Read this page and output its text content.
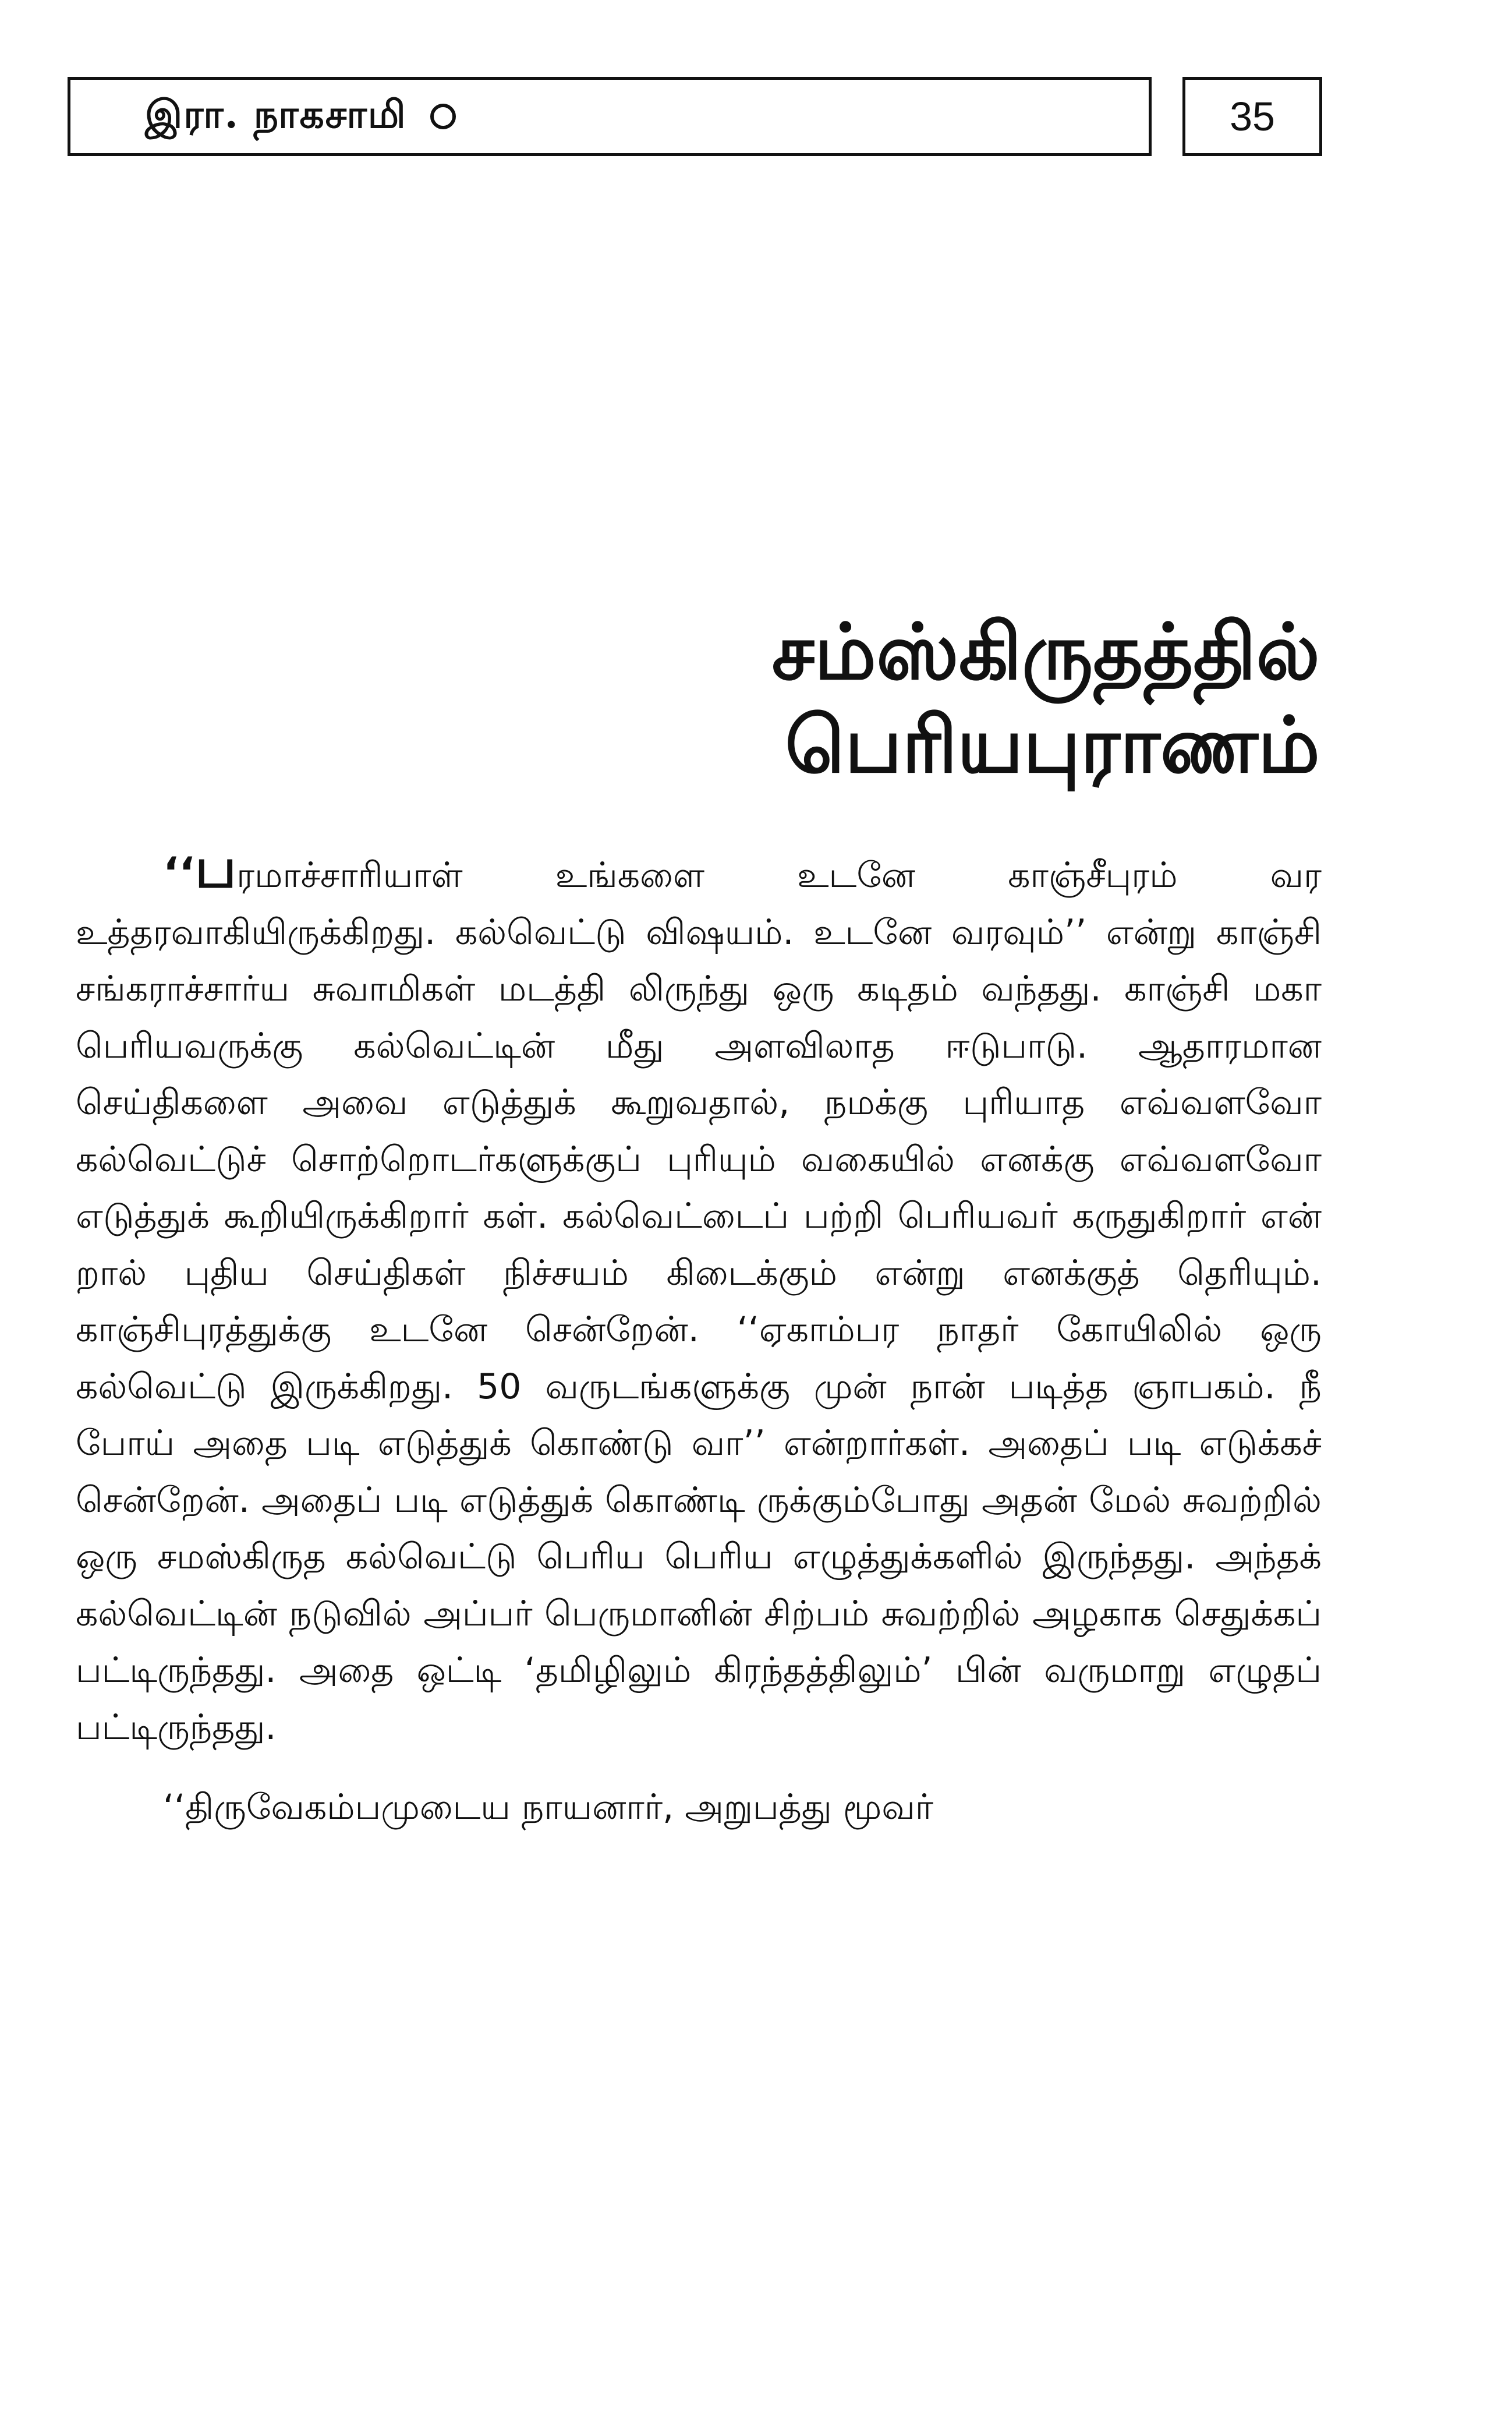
இரா. நாகசாமி	35
சம்ஸ்கிருதத்தில்
பெரியபுராணம்

‘‘பரமாச்சாரியாள் உங்களை உடனே காஞ்சீபுரம் வர உத்தரவாகியிருக்கிறது. கல்வெட்டு விஷயம். உடனே வரவும்’’ என்று காஞ்சி சங்கராச்சார்ய சுவாமிகள் மடத்தி லிருந்து ஒரு கடிதம் வந்தது. காஞ்சி மகா பெரியவருக்கு கல்வெட்டின் மீது அளவிலாத ஈடுபாடு. ஆதாரமான செய்திகளை அவை எடுத்துக் கூறுவதால், நமக்கு புரியாத எவ்வளவோ கல்வெட்டுச் சொற்றொடர்களுக்குப் புரியும் வகையில் எனக்கு எவ்வளவோ எடுத்துக் கூறியிருக்கிறார் கள். கல்வெட்டைப் பற்றி பெரியவர் கருதுகிறார் என் றால் புதிய செய்திகள் நிச்சயம் கிடைக்கும் என்று எனக்குத் தெரியும். காஞ்சிபுரத்துக்கு உடனே சென்றேன். ‘‘ஏகாம்பர நாதர் கோயிலில் ஒரு கல்வெட்டு இருக்கிறது. 50 வருடங்களுக்கு முன் நான் படித்த ஞாபகம். நீ போய் அதை படி எடுத்துக் கொண்டு வா’’ என்றார்கள். அதைப் படி எடுக்கச் சென்றேன். அதைப் படி எடுத்துக் கொண்டி ருக்கும்போது அதன் மேல் சுவற்றில் ஒரு சமஸ்கிருத கல்வெட்டு பெரிய பெரிய எழுத்துக்களில் இருந்தது. அந்தக் கல்வெட்டின் நடுவில் அப்பர் பெருமானின் சிற்பம் சுவற்றில் அழகாக செதுக்கப் பட்டிருந்தது. அதை ஒட்டி ‘தமிழிலும் கிரந்தத்திலும்’ பின் வருமாறு எழுதப் பட்டிருந்தது.

‘‘திருவேகம்பமுடைய நாயனார், அறுபத்து மூவர்
